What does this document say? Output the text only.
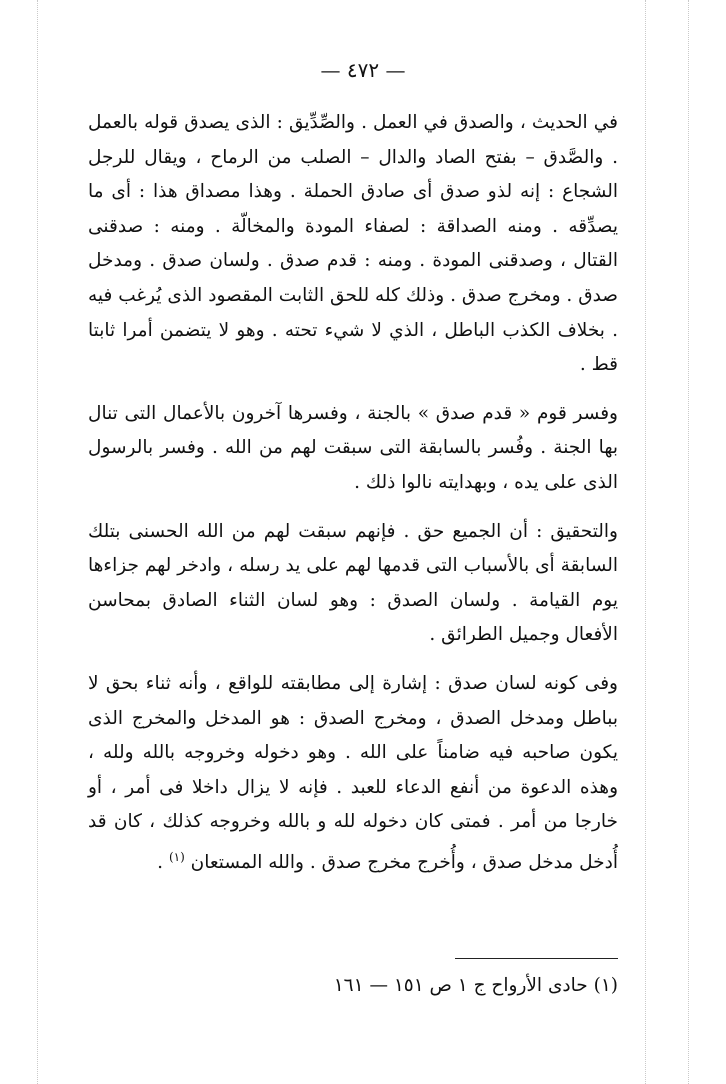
— ٤٧٢ —

في الحديث ، والصدق في العمل . والصِّدِّيق : الذى يصدق قوله بالعمل . والصَّدق – بفتح الصاد والدال – الصلب من الرماح ، ويقال للرجل الشجاع : إنه لذو صدق أى صادق الحملة . وهذا مصداق هذا : أى ما يصدِّقه . ومنه الصداقة : لصفاء المودة والمخالّة . ومنه : صدقنى القتال ، وصدقنى المودة . ومنه : قدم صدق . ولسان صدق . ومدخل صدق . ومخرج صدق . وذلك كله للحق الثابت المقصود الذى يُرغب فيه . بخلاف الكذب الباطل ، الذي لا شيء تحته . وهو لا يتضمن أمرا ثابتا قط .

وفسر قوم « قدم صدق » بالجنة ، وفسرها آخرون بالأعمال التى تنال بها الجنة . وفُسر بالسابقة التى سبقت لهم من الله . وفسر بالرسول الذى على يده ، وبهدايته نالوا ذلك .

والتحقيق : أن الجميع حق . فإنهم سبقت لهم من الله الحسنى بتلك السابقة أى بالأسباب التى قدمها لهم على يد رسله ، وادخر لهم جزاءها يوم القيامة . ولسان الصدق : وهو لسان الثناء الصادق بمحاسن الأفعال وجميل الطرائق .

وفى كونه لسان صدق : إشارة إلى مطابقته للواقع ، وأنه ثناء بحق لا بباطل ومدخل الصدق ، ومخرج الصدق : هو المدخل والمخرج الذى يكون صاحبه فيه ضامناً على الله . وهو دخوله وخروجه بالله ولله ، وهذه الدعوة من أنفع الدعاء للعبد . فإنه لا يزال داخلا فى أمر ، أو خارجا من أمر . فمتى كان دخوله لله و بالله وخروجه كذلك ، كان قد أُدخل مدخل صدق ، وأُخرج مخرج صدق . والله المستعان $^{(١)}$ .

(١) حادى الأرواح ج ١ ص ١٥١ — ١٦١
